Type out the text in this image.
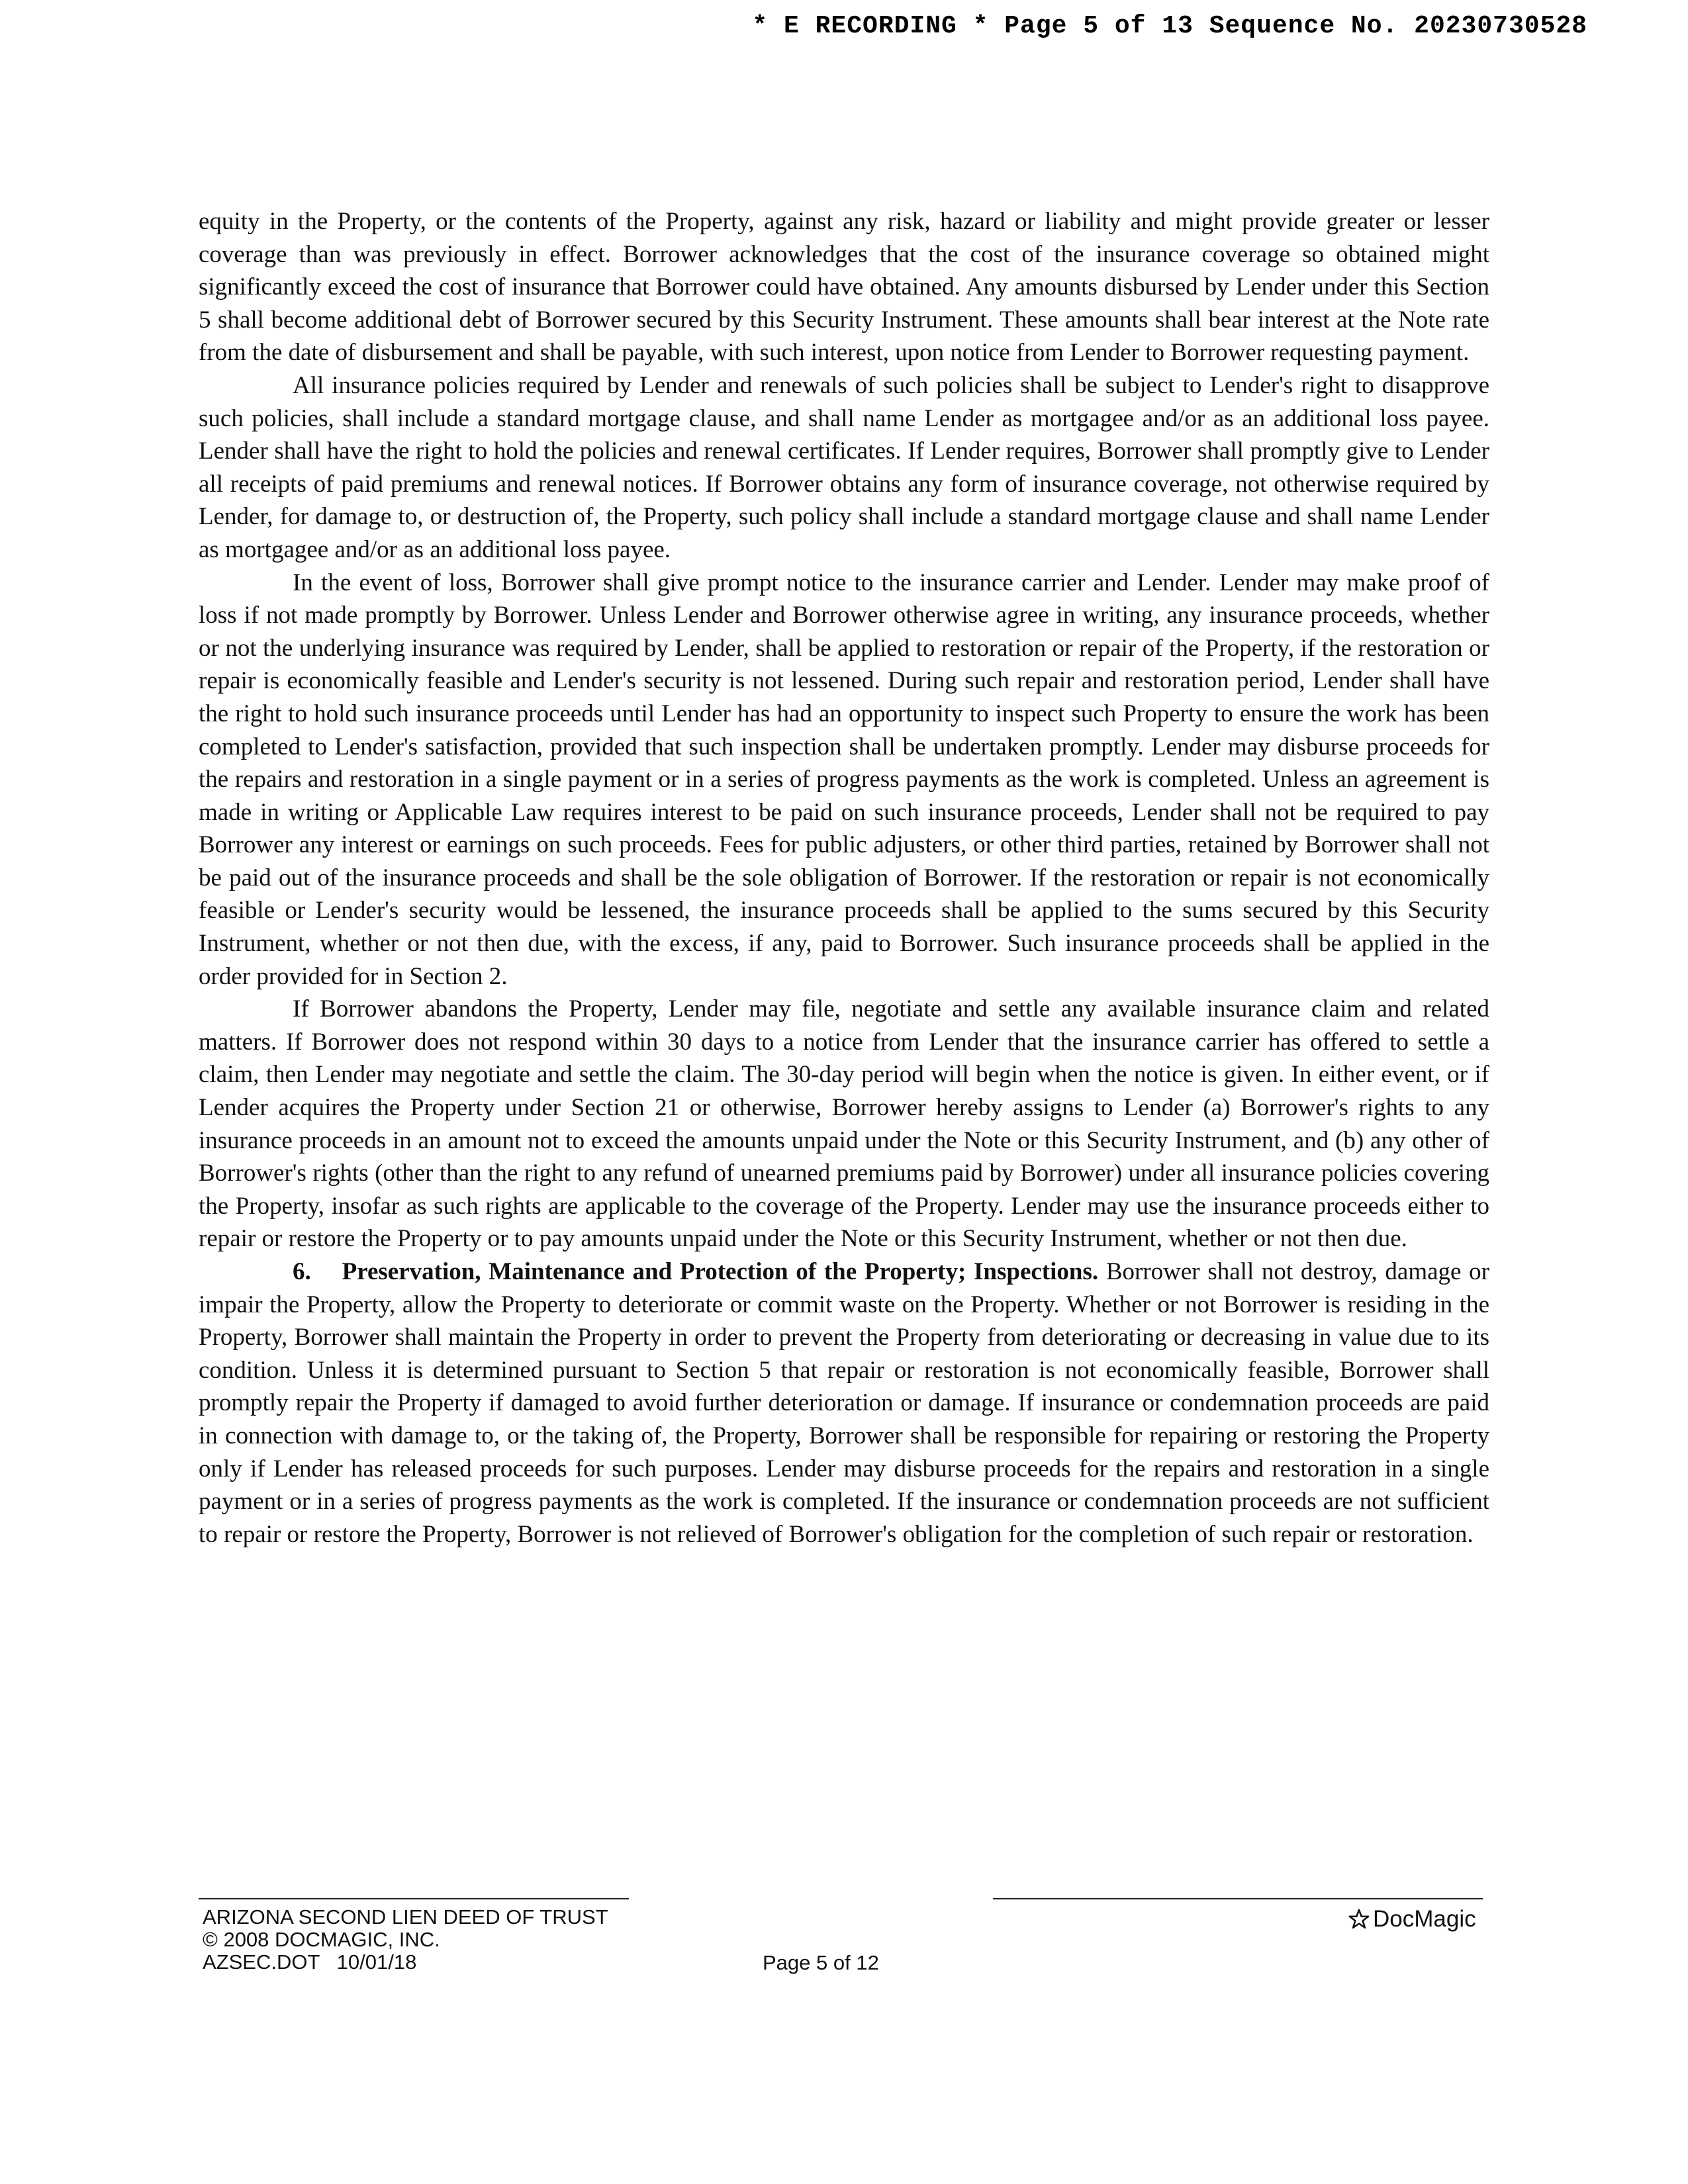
* E RECORDING * Page 5 of 13 Sequence No. 20230730528

equity in the Property, or the contents of the Property, against any risk, hazard or liability and might provide greater or lesser coverage than was previously in effect. Borrower acknowledges that the cost of the insurance coverage so obtained might significantly exceed the cost of insurance that Borrower could have obtained. Any amounts disbursed by Lender under this Section 5 shall become additional debt of Borrower secured by this Security Instrument. These amounts shall bear interest at the Note rate from the date of disbursement and shall be payable, with such interest, upon notice from Lender to Borrower requesting payment.

All insurance policies required by Lender and renewals of such policies shall be subject to Lender's right to disapprove such policies, shall include a standard mortgage clause, and shall name Lender as mortgagee and/or as an additional loss payee. Lender shall have the right to hold the policies and renewal certificates. If Lender requires, Borrower shall promptly give to Lender all receipts of paid premiums and renewal notices. If Borrower obtains any form of insurance coverage, not otherwise required by Lender, for damage to, or destruction of, the Property, such policy shall include a standard mortgage clause and shall name Lender as mortgagee and/or as an additional loss payee.

In the event of loss, Borrower shall give prompt notice to the insurance carrier and Lender. Lender may make proof of loss if not made promptly by Borrower. Unless Lender and Borrower otherwise agree in writing, any insurance proceeds, whether or not the underlying insurance was required by Lender, shall be applied to restoration or repair of the Property, if the restoration or repair is economically feasible and Lender's security is not lessened. During such repair and restoration period, Lender shall have the right to hold such insurance proceeds until Lender has had an opportunity to inspect such Property to ensure the work has been completed to Lender's satisfaction, provided that such inspection shall be undertaken promptly. Lender may disburse proceeds for the repairs and restoration in a single payment or in a series of progress payments as the work is completed. Unless an agreement is made in writing or Applicable Law requires interest to be paid on such insurance proceeds, Lender shall not be required to pay Borrower any interest or earnings on such proceeds. Fees for public adjusters, or other third parties, retained by Borrower shall not be paid out of the insurance proceeds and shall be the sole obligation of Borrower. If the restoration or repair is not economically feasible or Lender's security would be lessened, the insurance proceeds shall be applied to the sums secured by this Security Instrument, whether or not then due, with the excess, if any, paid to Borrower. Such insurance proceeds shall be applied in the order provided for in Section 2.

If Borrower abandons the Property, Lender may file, negotiate and settle any available insurance claim and related matters. If Borrower does not respond within 30 days to a notice from Lender that the insurance carrier has offered to settle a claim, then Lender may negotiate and settle the claim. The 30-day period will begin when the notice is given. In either event, or if Lender acquires the Property under Section 21 or otherwise, Borrower hereby assigns to Lender (a) Borrower's rights to any insurance proceeds in an amount not to exceed the amounts unpaid under the Note or this Security Instrument, and (b) any other of Borrower's rights (other than the right to any refund of unearned premiums paid by Borrower) under all insurance policies covering the Property, insofar as such rights are applicable to the coverage of the Property. Lender may use the insurance proceeds either to repair or restore the Property or to pay amounts unpaid under the Note or this Security Instrument, whether or not then due.

6. Preservation, Maintenance and Protection of the Property; Inspections. Borrower shall not destroy, damage or impair the Property, allow the Property to deteriorate or commit waste on the Property. Whether or not Borrower is residing in the Property, Borrower shall maintain the Property in order to prevent the Property from deteriorating or decreasing in value due to its condition. Unless it is determined pursuant to Section 5 that repair or restoration is not economically feasible, Borrower shall promptly repair the Property if damaged to avoid further deterioration or damage. If insurance or condemnation proceeds are paid in connection with damage to, or the taking of, the Property, Borrower shall be responsible for repairing or restoring the Property only if Lender has released proceeds for such purposes. Lender may disburse proceeds for the repairs and restoration in a single payment or in a series of progress payments as the work is completed. If the insurance or condemnation proceeds are not sufficient to repair or restore the Property, Borrower is not relieved of Borrower's obligation for the completion of such repair or restoration.

ARIZONA SECOND LIEN DEED OF TRUST
© 2008 DOCMAGIC, INC.
AZSEC.DOT   10/01/18	Page 5 of 12
DocMagic
